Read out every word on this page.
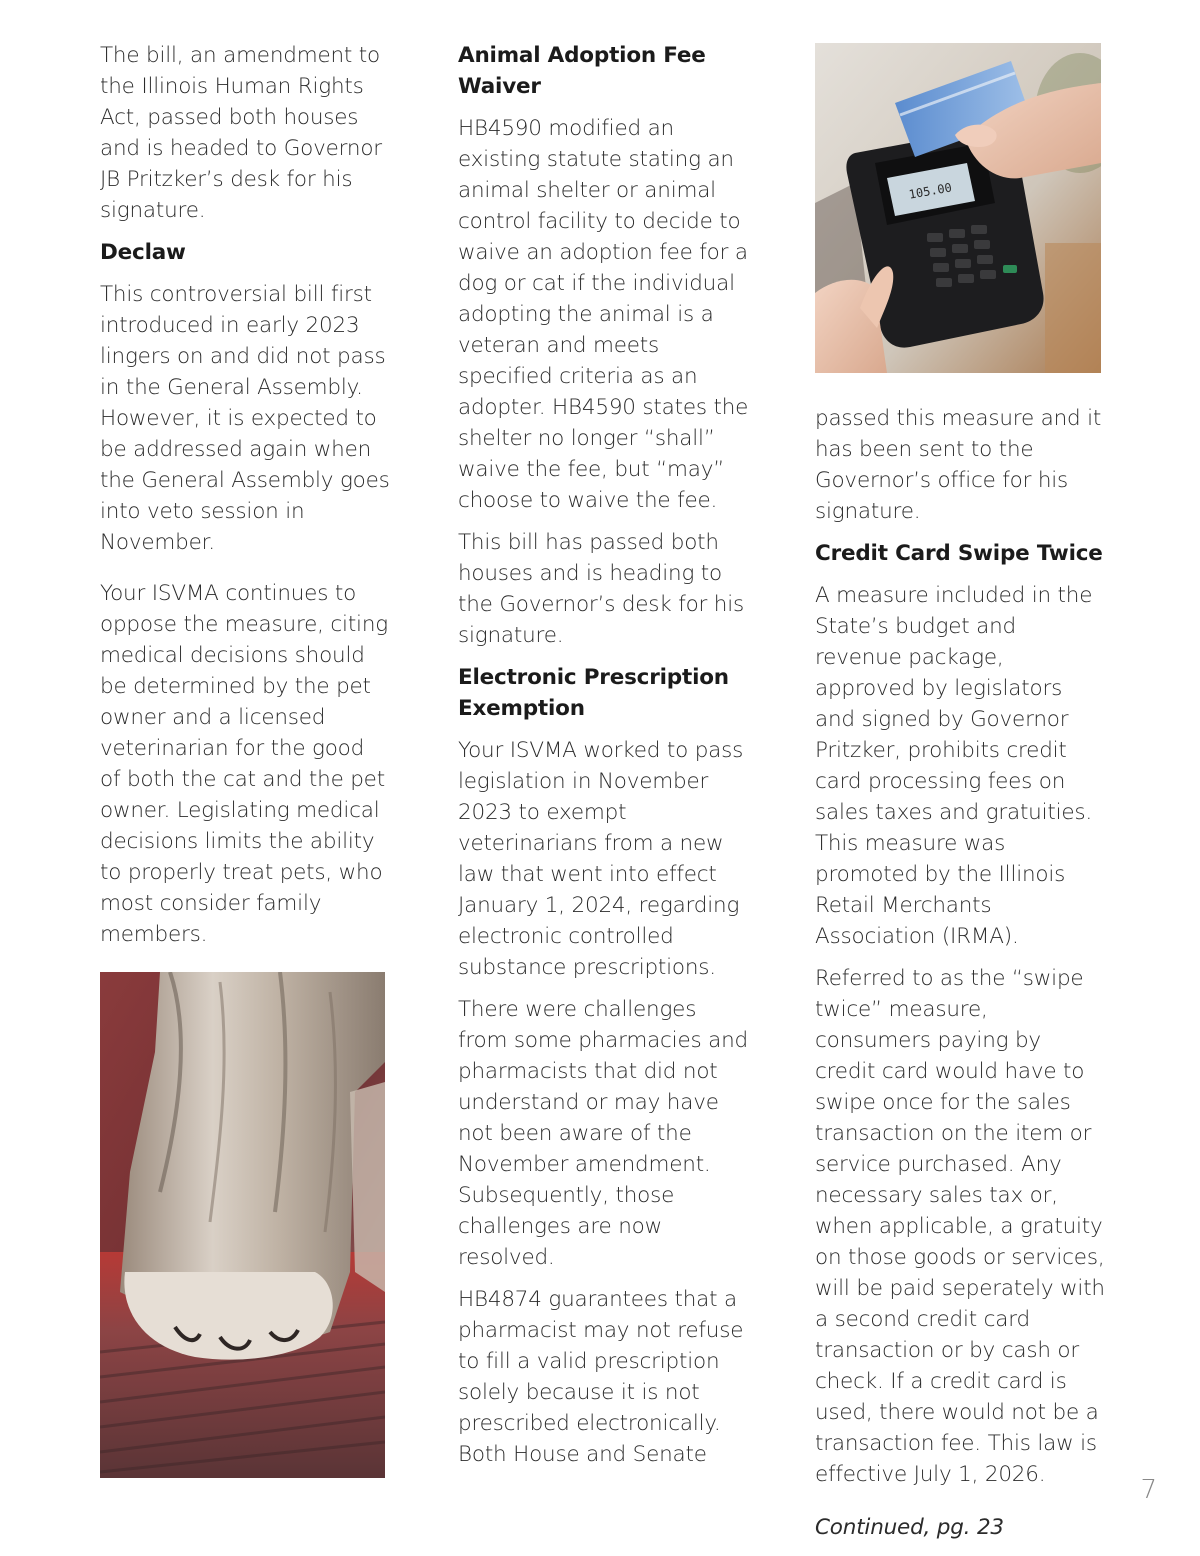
The bill, an amendment to the Illinois Human Rights Act, passed both houses and is headed to Governor JB Pritzker’s desk for his signature.

Declaw

This controversial bill first introduced in early 2023 lingers on and did not pass in the General Assembly. However, it is expected to be addressed again when the General Assembly goes into veto session in November.

Your ISVMA continues to oppose the measure, citing medical decisions should be determined by the pet owner and a licensed veterinarian for the good of both the cat and the pet owner. Legislating medical decisions limits the ability to properly treat pets, who most consider family members.

Animal Adoption Fee Waiver

HB4590 modified an existing statute stating an animal shelter or animal control facility to decide to waive an adoption fee for a dog or cat if the individual adopting the animal is a veteran and meets specified criteria as an adopter. HB4590 states the shelter no longer “shall” waive the fee, but “may” choose to waive the fee.

This bill has passed both houses and is heading to the Governor’s desk for his signature.

Electronic Prescription Exemption

Your ISVMA worked to pass legislation in November 2023 to exempt veterinarians from a new law that went into effect January 1, 2024, regarding electronic controlled substance prescriptions.

There were challenges from some pharmacies and pharmacists that did not understand or may have not been aware of the November amendment. Subsequently, those challenges are now resolved.

HB4874 guarantees that a pharmacist may not refuse to fill a valid prescription solely because it is not prescribed electronically. Both House and Senate

105.00

passed this measure and it has been sent to the Governor’s office for his signature.

Credit Card Swipe Twice

A measure included in the State’s budget and revenue package, approved by legislators and signed by Governor Pritzker, prohibits credit card processing fees on sales taxes and gratuities. This measure was promoted by the Illinois Retail Merchants Association (IRMA).

Referred to as the “swipe twice” measure, consumers paying by credit card would have to swipe once for the sales transaction on the item or service purchased. Any necessary sales tax or, when applicable, a gratuity on those goods or services, will be paid seperately with a second credit card transaction or by cash or check. If a credit card is used, there would not be a transaction fee. This law is effective July 1, 2026.

Continued, pg. 23

7
